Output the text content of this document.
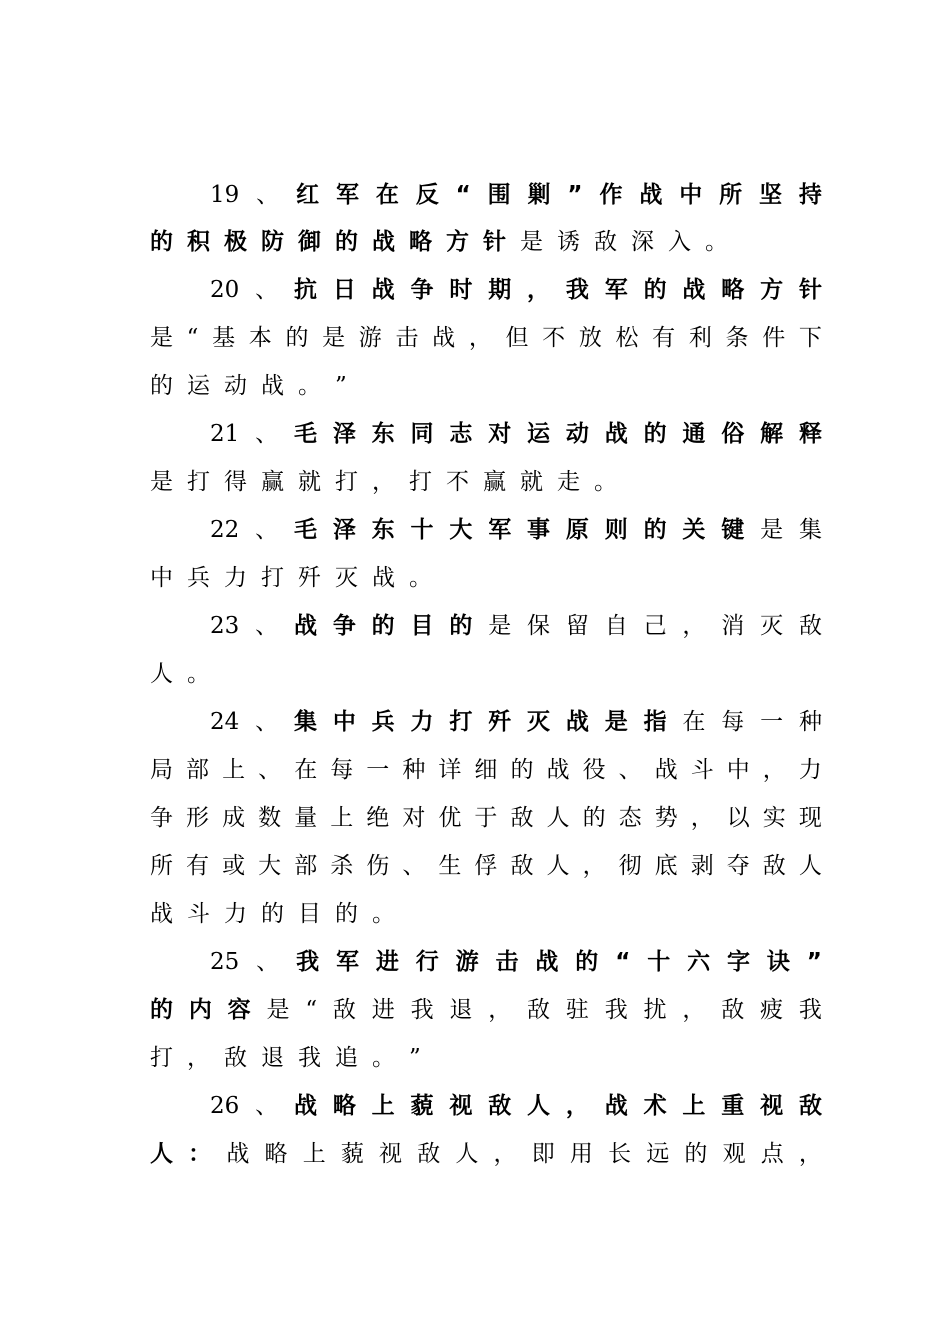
19 、 红 军 在 反 “ 围 剿 ” 作 战 中 所 坚 持
的 积 极 防 御 的 战 略 方 针 是 诱 敌 深 入 。
20 、 抗 日 战 争 时 期 ， 我 军 的 战 略 方 针
是 “ 基 本 的 是 游 击 战 ， 但 不 放 松 有 利 条 件 下
的 运 动 战 。 ”
21 、 毛 泽 东 同 志 对 运 动 战 的 通 俗 解 释
是 打 得 赢 就 打 ， 打 不 赢 就 走 。
22 、 毛 泽 东 十 大 军 事 原 则 的 关 键 是 集
中 兵 力 打 歼 灭 战 。
23 、 战 争 的 目 的 是 保 留 自 己 ， 消 灭 敌
人 。
24 、 集 中 兵 力 打 歼 灭 战 是 指 在 每 一 种
局 部 上 、 在 每 一 种 详 细 的 战 役 、 战 斗 中 ， 力
争 形 成 数 量 上 绝 对 优 于 敌 人 的 态 势 ， 以 实 现
所 有 或 大 部 杀 伤 、 生 俘 敌 人 ， 彻 底 剥 夺 敌 人
战 斗 力 的 目 的 。
25 、 我 军 进 行 游 击 战 的 “ 十 六 字 诀 ”
的 内 容 是 “ 敌 进 我 退 ， 敌 驻 我 扰 ， 敌 疲 我
打 ， 敌 退 我 追 。 ”
26 、 战 略 上 藐 视 敌 人 ， 战 术 上 重 视 敌
人 ： 战 略 上 藐 视 敌 人 ， 即 用 长 远 的 观 点 ，
